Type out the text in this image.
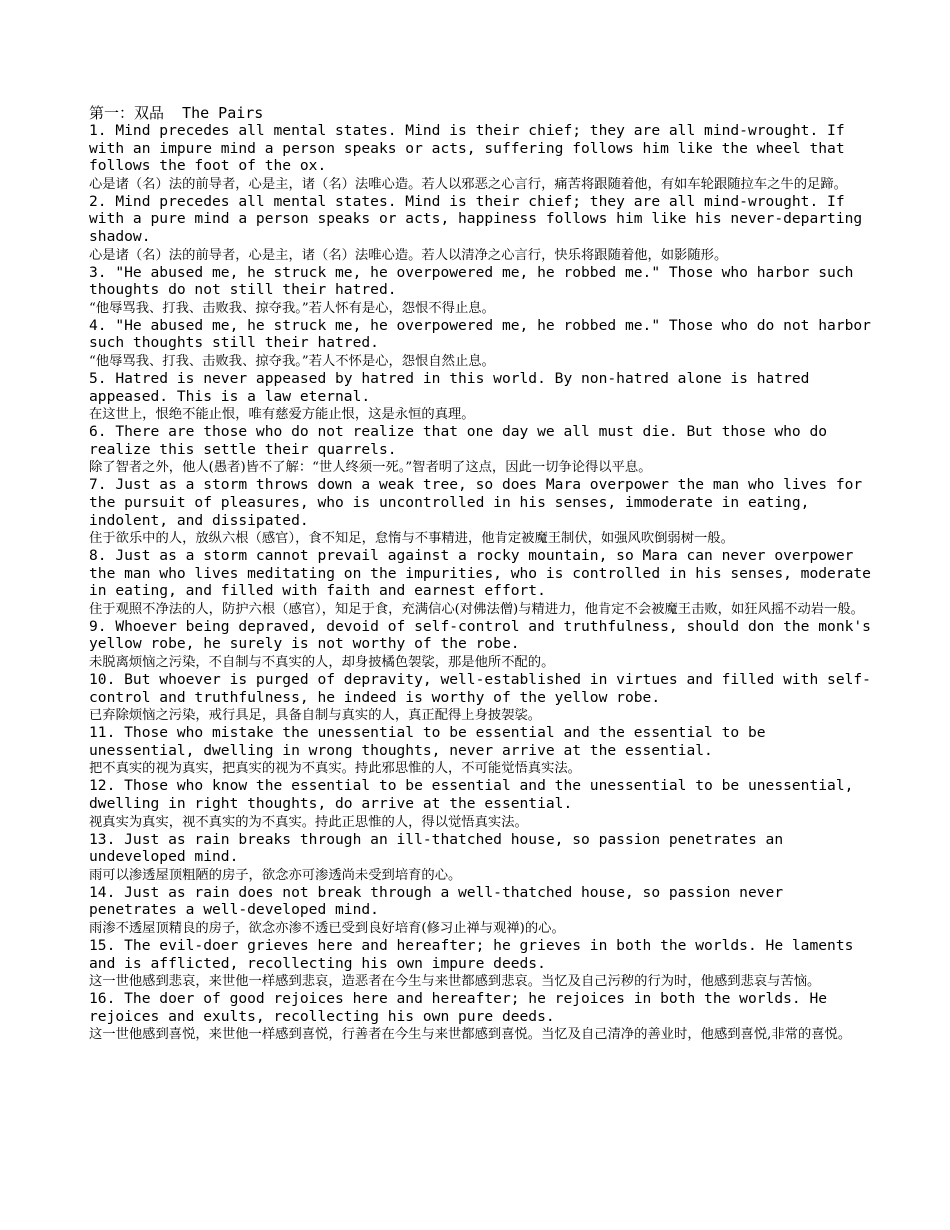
第一：双品  The Pairs

1. Mind precedes all mental states. Mind is their chief; they are all mind-wrought. If with an impure mind a person speaks or acts, suffering follows him like the wheel that follows the foot of the ox.

心是诸（名）法的前导者，心是主，诸（名）法唯心造。若人以邪恶之心言行，痛苦将跟随着他，有如车轮跟随拉车之牛的足蹄。

2. Mind precedes all mental states. Mind is their chief; they are all mind-wrought. If with a pure mind a person speaks or acts, happiness follows him like his never-departing shadow.

心是诸（名）法的前导者，心是主，诸（名）法唯心造。若人以清净之心言行，快乐将跟随着他，如影随形。

3. "He abused me, he struck me, he overpowered me, he robbed me." Those who harbor such thoughts do not still their hatred.

“他辱骂我、打我、击败我、掠夺我。”若人怀有是心，怨恨不得止息。

4. "He abused me, he struck me, he overpowered me, he robbed me." Those who do not harbor such thoughts still their hatred.

“他辱骂我、打我、击败我、掠夺我。”若人不怀是心，怨恨自然止息。

5. Hatred is never appeased by hatred in this world. By non-hatred alone is hatred appeased. This is a law eternal.

在这世上，恨绝不能止恨，唯有慈爱方能止恨，这是永恒的真理。

6. There are those who do not realize that one day we all must die. But those who do realize this settle their quarrels.

除了智者之外，他人(愚者)皆不了解：“世人终须一死。”智者明了这点，因此一切争论得以平息。

7. Just as a storm throws down a weak tree, so does Mara overpower the man who lives for the pursuit of pleasures, who is uncontrolled in his senses, immoderate in eating, indolent, and dissipated.

住于欲乐中的人，放纵六根（感官），食不知足，怠惰与不事精进，他肯定被魔王制伏，如强风吹倒弱树一般。

8. Just as a storm cannot prevail against a rocky mountain, so Mara can never overpower the man who lives meditating on the impurities, who is controlled in his senses, moderate in eating, and filled with faith and earnest effort.

住于观照不净法的人，防护六根（感官），知足于食，充满信心(对佛法僧)与精进力，他肯定不会被魔王击败，如狂风摇不动岩一般。

9. Whoever being depraved, devoid of self-control and truthfulness, should don the monk's yellow robe, he surely is not worthy of the robe.

未脱离烦恼之污染，不自制与不真实的人，却身披橘色袈裟，那是他所不配的。

10. But whoever is purged of depravity, well-established in virtues and filled with self-control and truthfulness, he indeed is worthy of the yellow robe.

已弃除烦恼之污染，戒行具足，具备自制与真实的人，真正配得上身披袈裟。

11. Those who mistake the unessential to be essential and the essential to be unessential, dwelling in wrong thoughts, never arrive at the essential.

把不真实的视为真实，把真实的视为不真实。持此邪思惟的人，不可能觉悟真实法。

12. Those who know the essential to be essential and the unessential to be unessential, dwelling in right thoughts, do arrive at the essential.

视真实为真实，视不真实的为不真实。持此正思惟的人，得以觉悟真实法。

13. Just as rain breaks through an ill-thatched house, so passion penetrates an undeveloped mind.

雨可以渗透屋顶粗陋的房子，欲念亦可渗透尚未受到培育的心。

14. Just as rain does not break through a well-thatched house, so passion never penetrates a well-developed mind.

雨渗不透屋顶精良的房子，欲念亦渗不透已受到良好培育(修习止禅与观禅)的心。

15. The evil-doer grieves here and hereafter; he grieves in both the worlds. He laments and is afflicted, recollecting his own impure deeds.

这一世他感到悲哀，来世他一样感到悲哀，造恶者在今生与来世都感到悲哀。当忆及自己污秽的行为时，他感到悲哀与苦恼。

16. The doer of good rejoices here and hereafter; he rejoices in both the worlds. He rejoices and exults, recollecting his own pure deeds.

这一世他感到喜悦，来世他一样感到喜悦，行善者在今生与来世都感到喜悦。当忆及自己清净的善业时，他感到喜悦,非常的喜悦。
